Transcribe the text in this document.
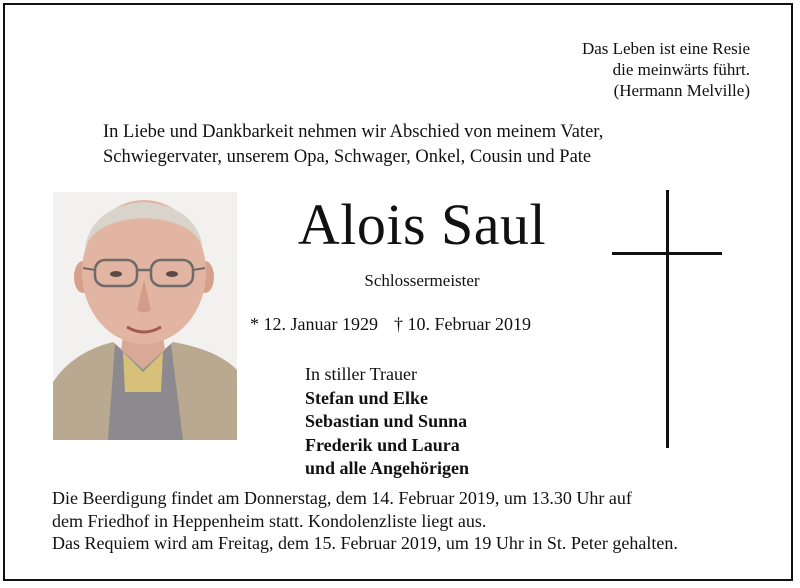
Das Leben ist eine Resie
die meinwärts führt.
(Hermann Melville)
In Liebe und Dankbarkeit nehmen wir Abschied von meinem Vater,
Schwiegervater, unserem Opa, Schwager, Onkel, Cousin und Pate
Alois Saul
Schlossermeister
* 12. Januar 1929 † 10. Februar 2019
In stiller Trauer
Stefan und Elke
Sebastian und Sunna
Frederik und Laura
und alle Angehörigen
Die Beerdigung findet am Donnerstag, dem 14. Februar 2019, um 13.30 Uhr auf
dem Friedhof in Heppenheim statt. Kondolenzliste liegt aus.
Das Requiem wird am Freitag, dem 15. Februar 2019, um 19 Uhr in St. Peter gehalten.
